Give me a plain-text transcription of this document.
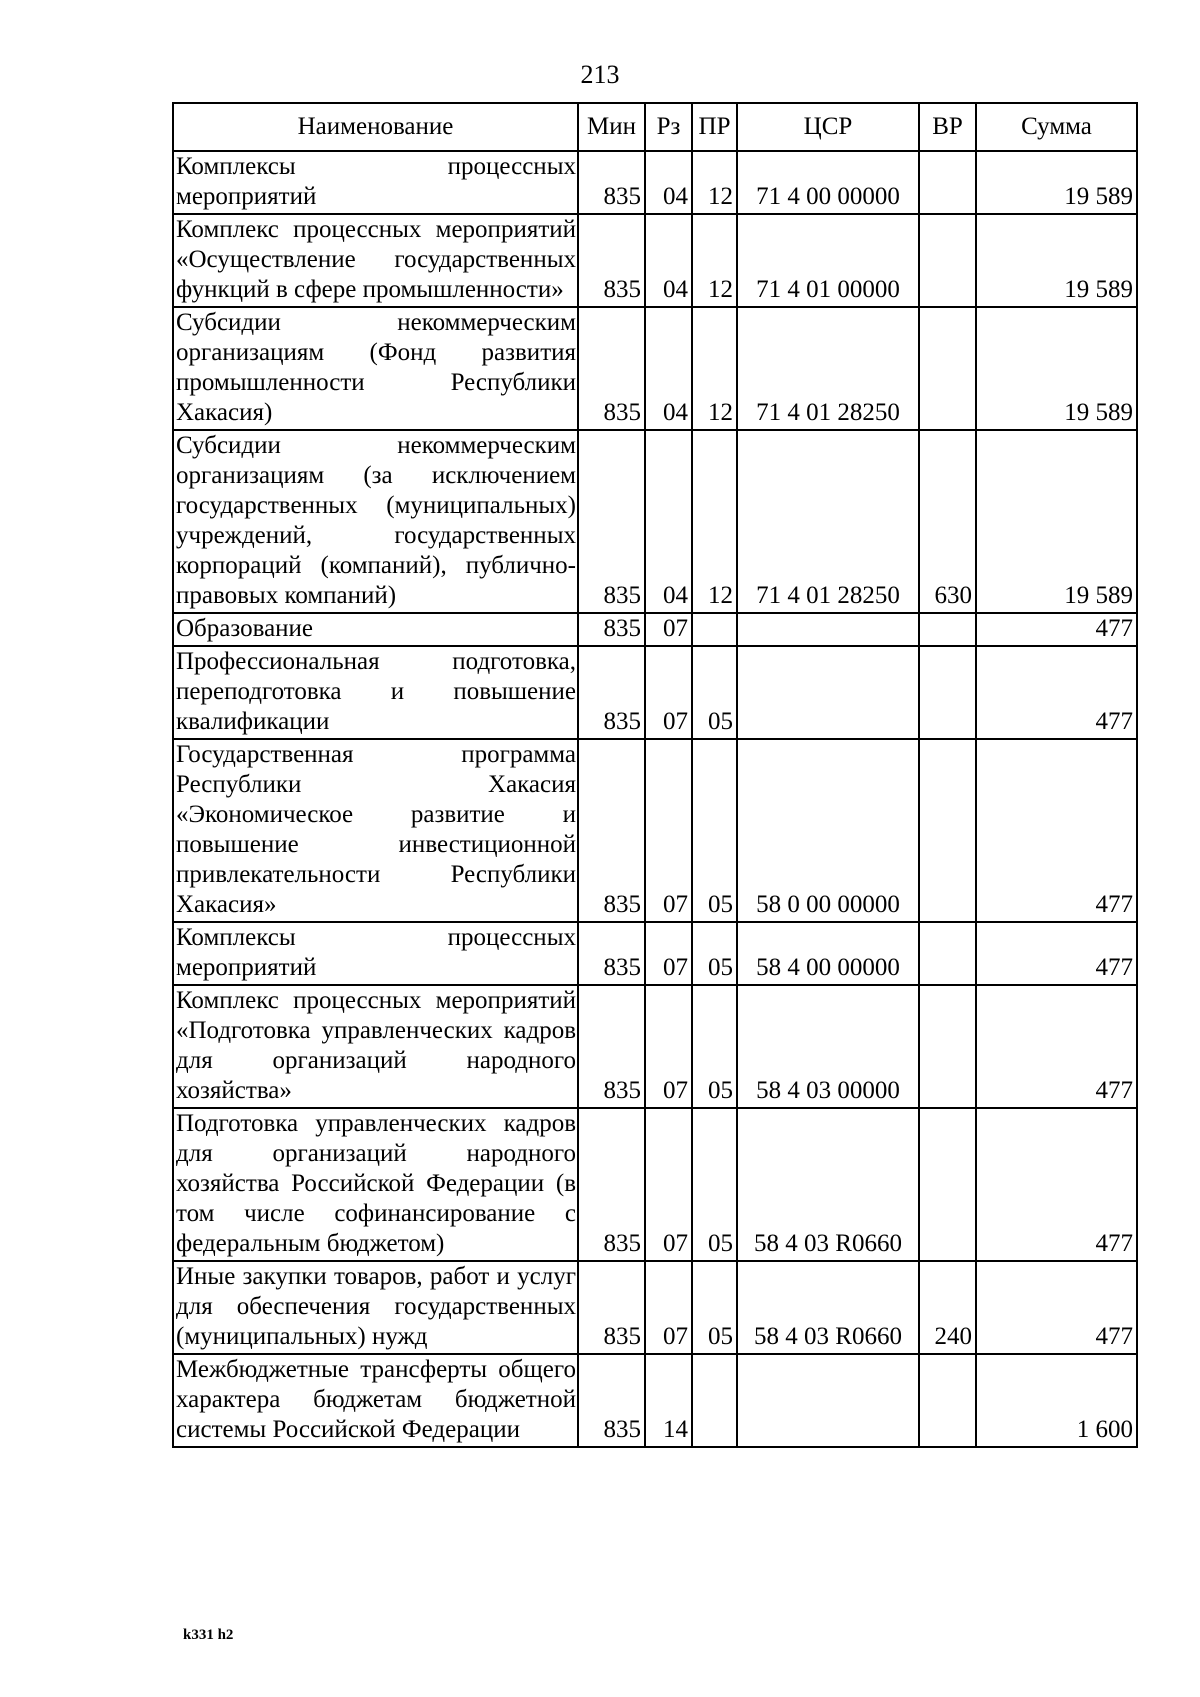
213
Наименование	Мин	Рз	ПР	ЦСР	ВР	Сумма
Комплексы процессных мероприятий	835	04	12	71 4 00 00000		19 589
Комплекс процессных мероприятий «Осуществление государственных функций в сфере промышленности»	835	04	12	71 4 01 00000		19 589
Субсидии некоммерческим организациям (Фонд развития промышленности Республики Хакасия)	835	04	12	71 4 01 28250		19 589
Субсидии некоммерческим организациям (за исключением государственных (муниципальных) учреждений, государственных корпораций (компаний), публично-правовых компаний)	835	04	12	71 4 01 28250	630	19 589
Образование	835	07				477
Профессиональная подготовка, переподготовка и повышение квалификации	835	07	05			477
Государственная программа Республики Хакасия «Экономическое развитие и повышение инвестиционной привлекательности Республики Хакасия»	835	07	05	58 0 00 00000		477
Комплексы процессных мероприятий	835	07	05	58 4 00 00000		477
Комплекс процессных мероприятий «Подготовка управленческих кадров для организаций народного хозяйства»	835	07	05	58 4 03 00000		477
Подготовка управленческих кадров для организаций народного хозяйства Российской Федерации (в том числе софинансирование с федеральным бюджетом)	835	07	05	58 4 03 R0660		477
Иные закупки товаров, работ и услуг для обеспечения государственных (муниципальных) нужд	835	07	05	58 4 03 R0660	240	477
Межбюджетные трансферты общего характера бюджетам бюджетной системы Российской Федерации	835	14				1 600
k331 h2
